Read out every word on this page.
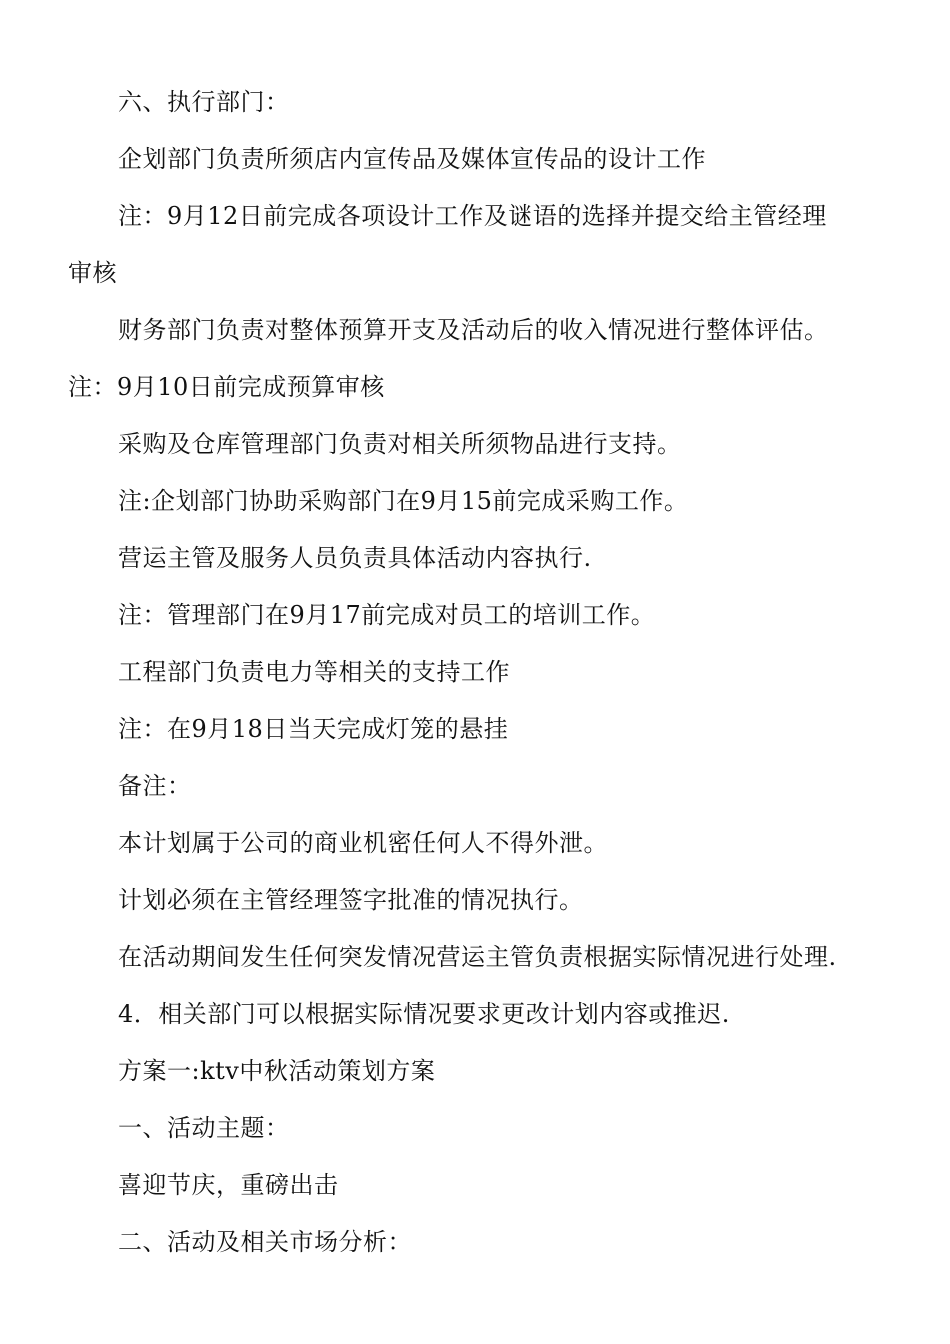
六、执行部门：
企划部门负责所须店内宣传品及媒体宣传品的设计工作
注：9月12日前完成各项设计工作及谜语的选择并提交给主管经理
审核
财务部门负责对整体预算开支及活动后的收入情况进行整体评估。
注：9月10日前完成预算审核
采购及仓库管理部门负责对相关所须物品进行支持。
注:企划部门协助采购部门在9月15前完成采购工作。
营运主管及服务人员负责具体活动内容执行.
注：管理部门在9月17前完成对员工的培训工作。
工程部门负责电力等相关的支持工作
注：在9月18日当天完成灯笼的悬挂
备注：
本计划属于公司的商业机密任何人不得外泄。
计划必须在主管经理签字批准的情况执行。
在活动期间发生任何突发情况营运主管负责根据实际情况进行处理.
4．相关部门可以根据实际情况要求更改计划内容或推迟.
方案一:ktv中秋活动策划方案
一、活动主题：
喜迎节庆，重磅出击
二、活动及相关市场分析：
